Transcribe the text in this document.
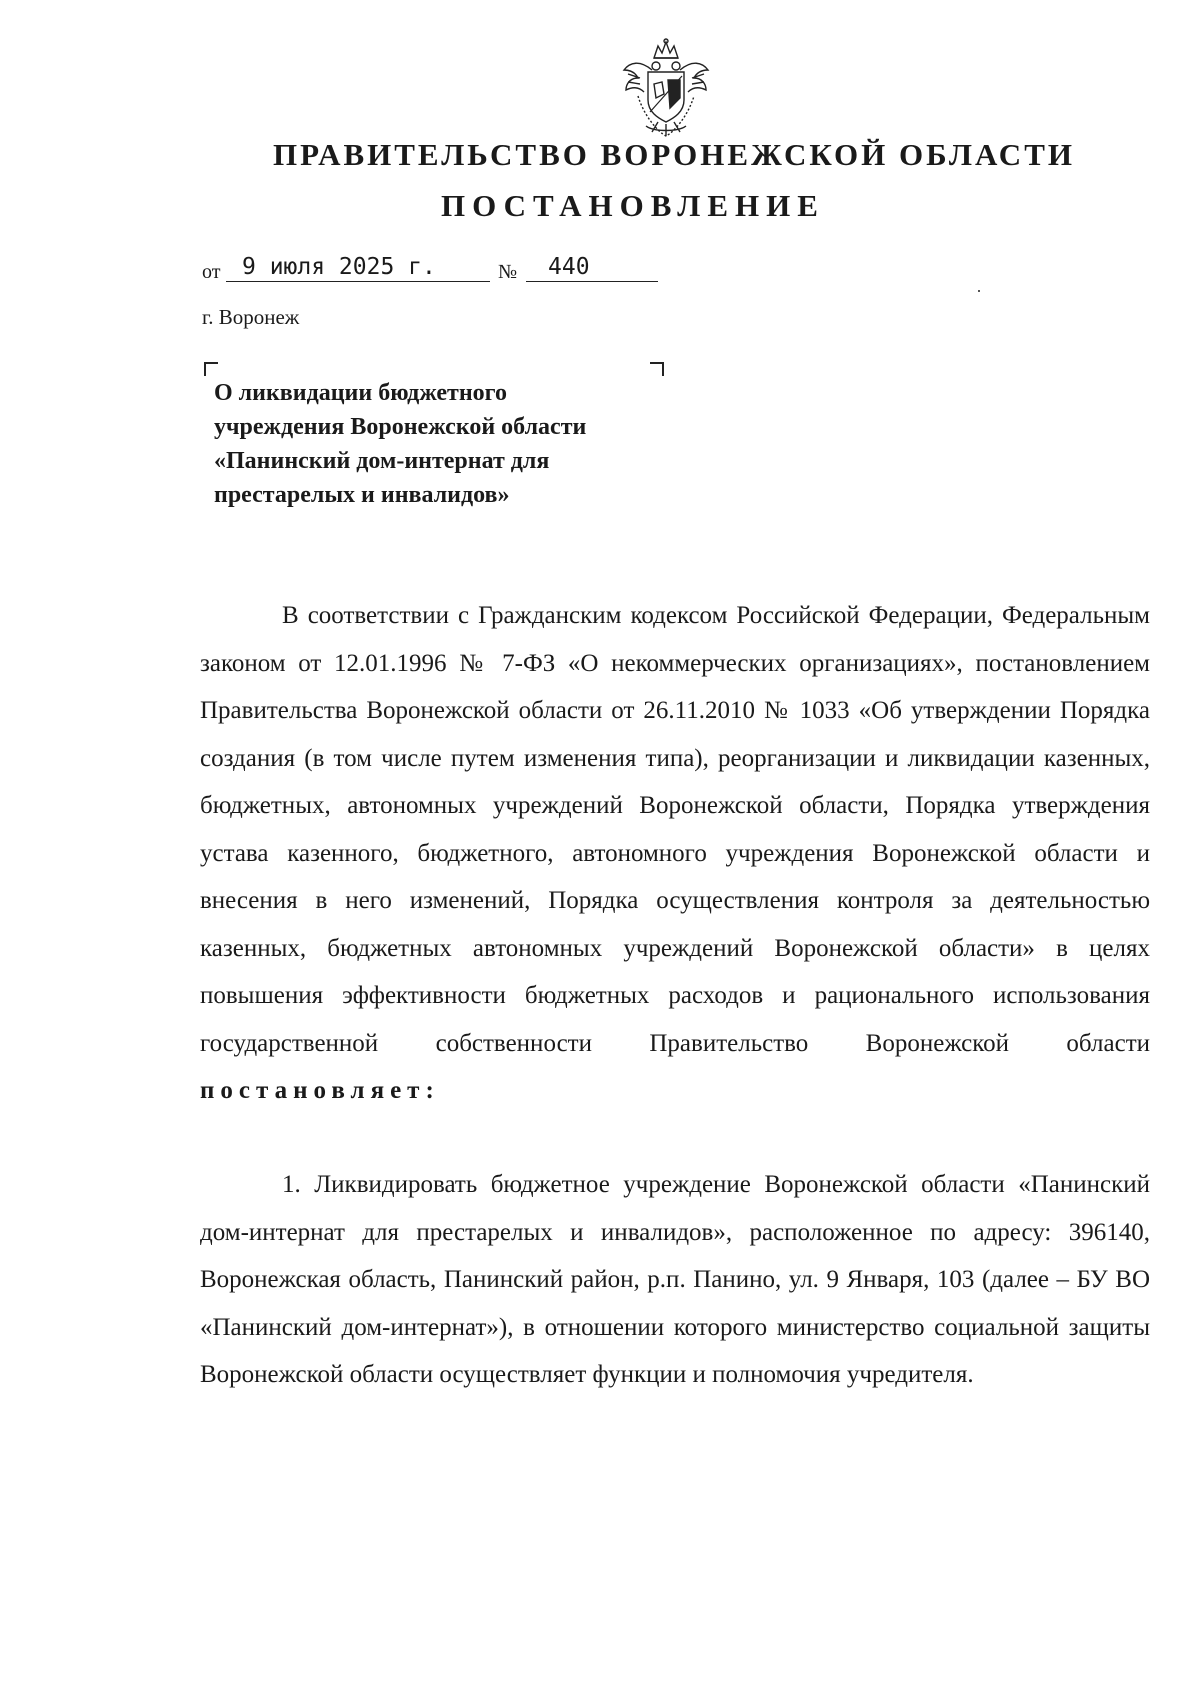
ПРАВИТЕЛЬСТВО ВОРОНЕЖСКОЙ ОБЛАСТИ
ПОСТАНОВЛЕНИЕ
от 9 июля 2025 г.	№ 440
г. Воронеж
О ликвидации бюджетного
учреждения Воронежской области
«Панинский дом-интернат для
престарелых и инвалидов»
В соответствии с Гражданским кодексом Российской Федерации, Федеральным законом от 12.01.1996 № 7-ФЗ «О некоммерческих организациях», постановлением Правительства Воронежской области от 26.11.2010 № 1033 «Об утверждении Порядка создания (в том числе путем изменения типа), реорганизации и ликвидации казенных, бюджетных, автономных учреждений Воронежской области, Порядка утверждения устава казенного, бюджетного, автономного учреждения Воронежской области и внесения в него изменений, Порядка осуществления контроля за деятельностью казенных, бюджетных автономных учреждений Воронежской области» в целях повышения эффективности бюджетных расходов и рационального использования государственной собственности Правительство Воронежской области постановляет:
1. Ликвидировать бюджетное учреждение Воронежской области «Панинский дом-интернат для престарелых и инвалидов», расположенное по адресу: 396140, Воронежская область, Панинский район, р.п. Панино, ул. 9 Января, 103 (далее – БУ ВО «Панинский дом-интернат»), в отношении которого министерство социальной защиты Воронежской области осуществляет функции и полномочия учредителя.
